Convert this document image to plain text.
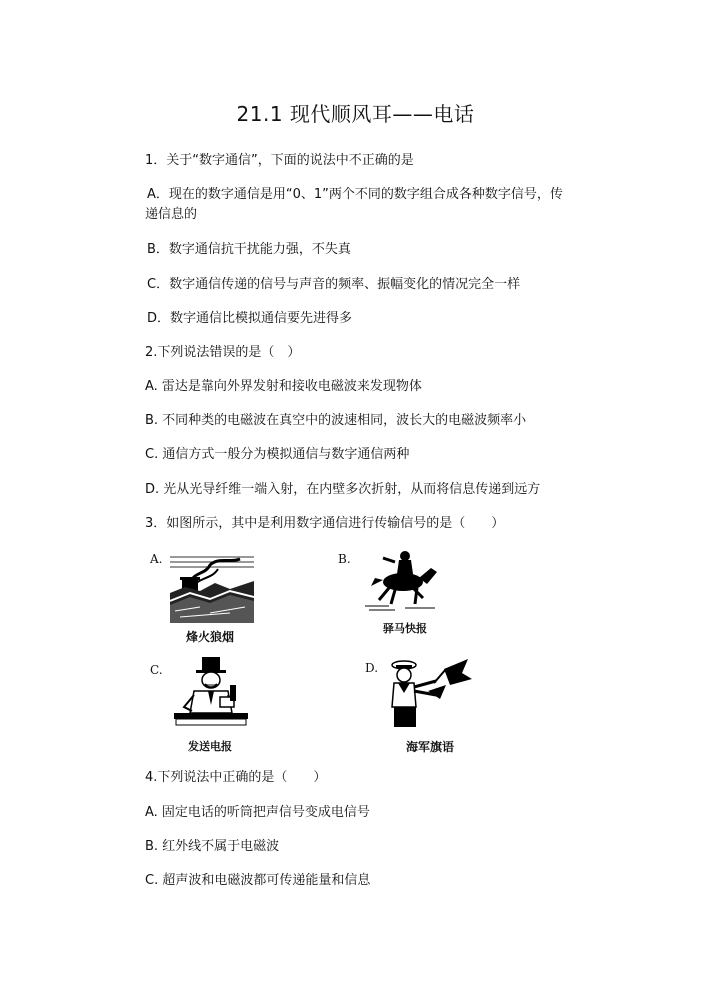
21.1 现代顺风耳——电话
1．关于“数字通信”，下面的说法中不正确的是
A．现在的数字通信是用“0、1”两个不同的数字组合成各种数字信号，传
递信息的
B．数字通信抗干扰能力强，不失真
C．数字通信传递的信号与声音的频率、振幅变化的情况完全一样
D．数字通信比模拟通信要先进得多
2.下列说法错误的是（　）
A. 雷达是靠向外界发射和接收电磁波来发现物体
B. 不同种类的电磁波在真空中的波速相同，波长大的电磁波频率小
C. 通信方式一般分为模拟通信与数字通信两种
D. 光从光导纤维一端入射，在内壁多次折射，从而将信息传递到远方
3．如图所示，其中是利用数字通信进行传输信号的是（　　）
A.
烽火狼烟
B.
驿马快报
C.
发送电报
D.
海军旗语
4.下列说法中正确的是（　　）
A. 固定电话的听筒把声信号变成电信号
B. 红外线不属于电磁波
C. 超声波和电磁波都可传递能量和信息
